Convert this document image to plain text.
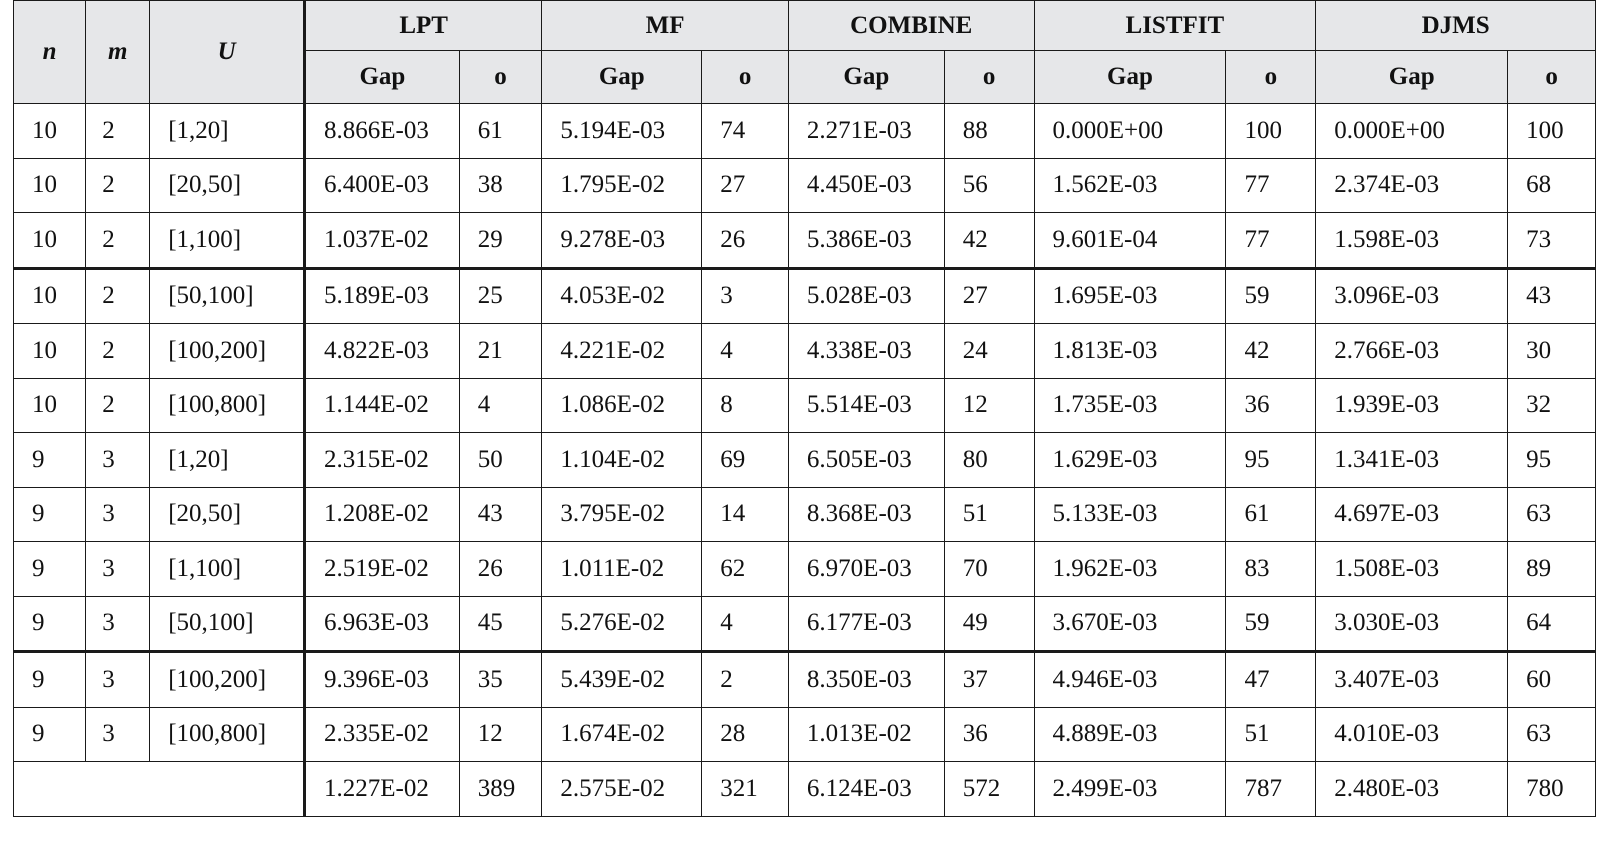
n	m	U	LPT		MF		COMBINE		LISTFIT		DJMS	
			Gap	o	Gap	o	Gap	o	Gap	o	Gap	o
10	2	[1,20]	8.866E-03	61	5.194E-03	74	2.271E-03	88	0.000E+00	100	0.000E+00	100
10	2	[20,50]	6.400E-03	38	1.795E-02	27	4.450E-03	56	1.562E-03	77	2.374E-03	68
10	2	[1,100]	1.037E-02	29	9.278E-03	26	5.386E-03	42	9.601E-04	77	1.598E-03	73
10	2	[50,100]	5.189E-03	25	4.053E-02	3	5.028E-03	27	1.695E-03	59	3.096E-03	43
10	2	[100,200]	4.822E-03	21	4.221E-02	4	4.338E-03	24	1.813E-03	42	2.766E-03	30
10	2	[100,800]	1.144E-02	4	1.086E-02	8	5.514E-03	12	1.735E-03	36	1.939E-03	32
9	3	[1,20]	2.315E-02	50	1.104E-02	69	6.505E-03	80	1.629E-03	95	1.341E-03	95
9	3	[20,50]	1.208E-02	43	3.795E-02	14	8.368E-03	51	5.133E-03	61	4.697E-03	63
9	3	[1,100]	2.519E-02	26	1.011E-02	62	6.970E-03	70	1.962E-03	83	1.508E-03	89
9	3	[50,100]	6.963E-03	45	5.276E-02	4	6.177E-03	49	3.670E-03	59	3.030E-03	64
9	3	[100,200]	9.396E-03	35	5.439E-02	2	8.350E-03	37	4.946E-03	47	3.407E-03	60
9	3	[100,800]	2.335E-02	12	1.674E-02	28	1.013E-02	36	4.889E-03	51	4.010E-03	63
			1.227E-02	389	2.575E-02	321	6.124E-03	572	2.499E-03	787	2.480E-03	780
